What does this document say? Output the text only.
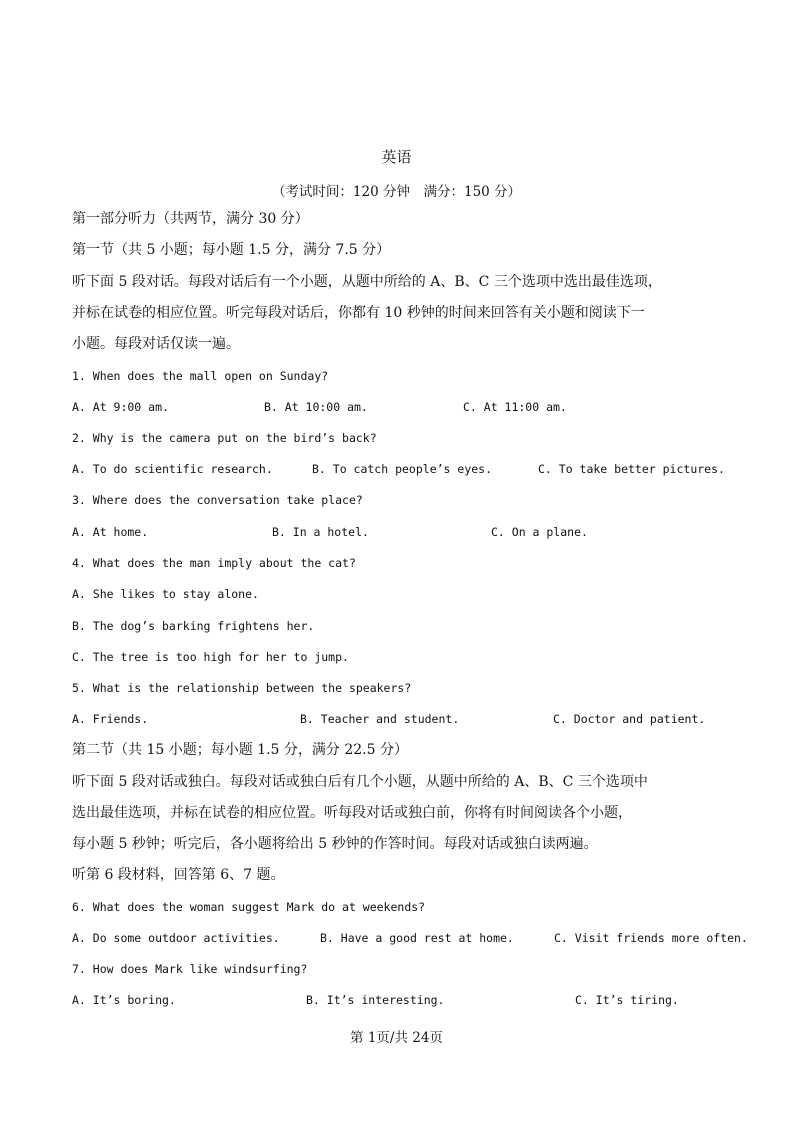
英语
（考试时间：120 分钟　满分：150 分）
第一部分听力（共两节，满分 30 分）
第一节（共 5 小题；每小题 1.5 分，满分 7.5 分）
听下面 5 段对话。每段对话后有一个小题，从题中所给的 A、B、C 三个选项中选出最佳选项，
并标在试卷的相应位置。听完每段对话后，你都有 10 秒钟的时间来回答有关小题和阅读下一
小题。每段对话仅读一遍。
1. When does the mall open on Sunday?
A. At 9:00 am.	B. At 10:00 am.	C. At 11:00 am.
2. Why is the camera put on the bird’s back?
A. To do scientific research.	B. To catch people’s eyes.	C. To take better pictures.
3. Where does the conversation take place?
A. At home.	B. In a hotel.	C. On a plane.
4. What does the man imply about the cat?
A. She likes to stay alone.
B. The dog’s barking frightens her.
C. The tree is too high for her to jump.
5. What is the relationship between the speakers?
A. Friends.	B. Teacher and student.	C. Doctor and patient.
第二节（共 15 小题；每小题 1.5 分，满分 22.5 分）
听下面 5 段对话或独白。每段对话或独白后有几个小题，从题中所给的 A、B、C 三个选项中
选出最佳选项，并标在试卷的相应位置。听每段对话或独白前，你将有时间阅读各个小题，
每小题 5 秒钟；听完后，各小题将给出 5 秒钟的作答时间。每段对话或独白读两遍。
听第 6 段材料，回答第 6、7 题。
6. What does the woman suggest Mark do at weekends?
A. Do some outdoor activities.	B. Have a good rest at home.	C. Visit friends more often.
7. How does Mark like windsurfing?
A. It’s boring.	B. It’s interesting.	C. It’s tiring.
第 1页/共 24页
